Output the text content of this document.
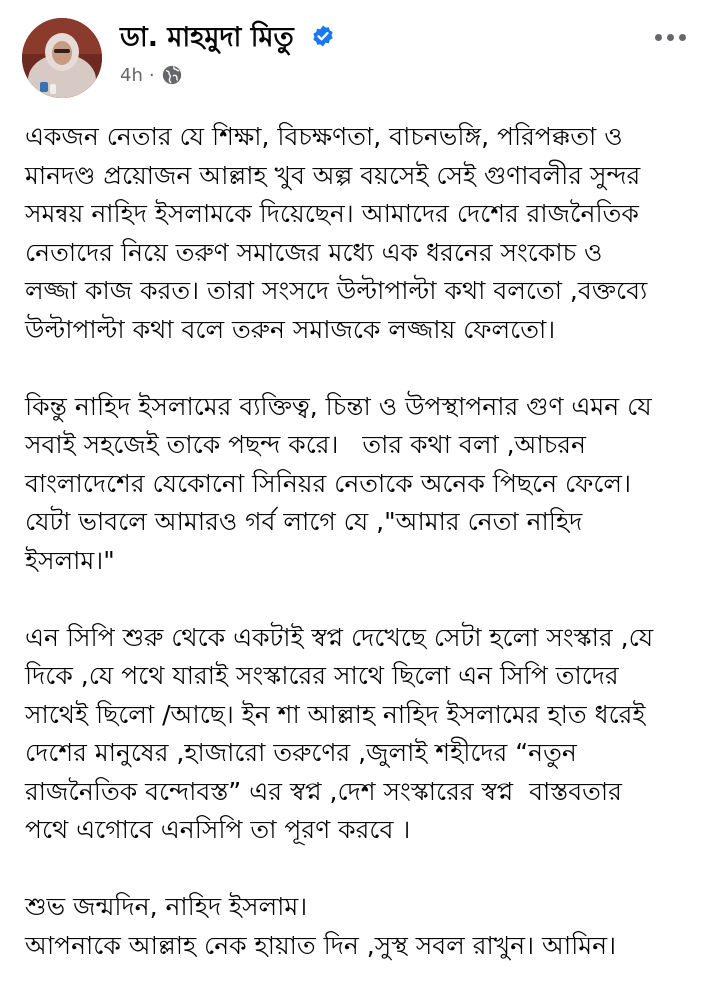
ডা. মাহমুদা মিতু
4h ·
একজন নেতার যে শিক্ষা, বিচক্ষণতা, বাচনভঙ্গি, পরিপক্কতা ও
মানদণ্ড প্রয়োজন আল্লাহ খুব অল্প বয়সেই সেই গুণাবলীর সুন্দর
সমন্বয় নাহিদ ইসলামকে দিয়েছেন। আমাদের দেশের রাজনৈতিক
নেতাদের নিয়ে তরুণ সমাজের মধ্যে এক ধরনের সংকোচ ও
লজ্জা কাজ করত। তারা সংসদে উল্টাপাল্টা কথা বলতো ,বক্তব্যে
উল্টাপাল্টা কথা বলে তরুন সমাজকে লজ্জায় ফেলতো।
কিন্তু নাহিদ ইসলামের ব্যক্তিত্ব, চিন্তা ও উপস্থাপনার গুণ এমন যে
সবাই সহজেই তাকে পছন্দ করে।   তার কথা বলা ,আচরন
বাংলাদেশের যেকোনো সিনিয়র নেতাকে অনেক পিছনে ফেলে।
যেটা ভাবলে আমারও গর্ব লাগে যে ,"আমার নেতা নাহিদ
ইসলাম।"
এন সিপি শুরু থেকে একটাই স্বপ্ন দেখেছে সেটা হলো সংস্কার ,যে
দিকে ,যে পথে যারাই সংস্কারের সাথে ছিলো এন সিপি তাদের
সাথেই ছিলো /আছে। ইন শা আল্লাহ নাহিদ ইসলামের হাত ধরেই
দেশের মানুষের ,হাজারো তরুণের ,জুলাই শহীদের “নতুন
রাজনৈতিক বন্দোবস্ত” এর স্বপ্ন ,দেশ সংস্কারের স্বপ্ন  বাস্তবতার
পথে এগোবে এনসিপি তা পূরণ করবে ।
শুভ জন্মদিন, নাহিদ ইসলাম।
আপনাকে আল্লাহ নেক হায়াত দিন ,সুস্থ সবল রাখুন। আমিন।
